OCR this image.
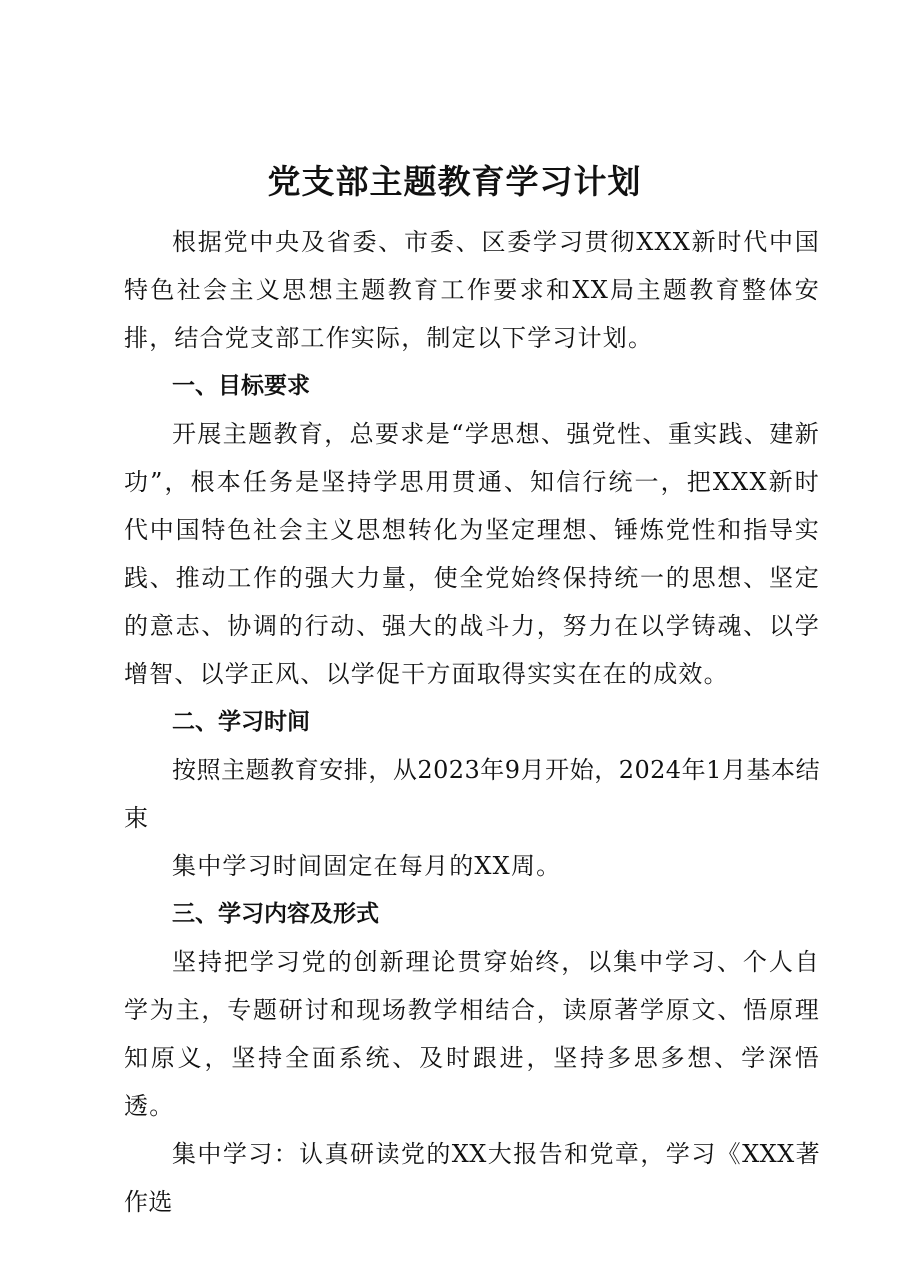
党支部主题教育学习计划

根据党中央及省委、市委、区委学习贯彻XXX新时代中国特色社会主义思想主题教育工作要求和XX局主题教育整体安排，结合党支部工作实际，制定以下学习计划。

一、目标要求

开展主题教育，总要求是“学思想、强党性、重实践、建新功”，根本任务是坚持学思用贯通、知信行统一，把XXX新时代中国特色社会主义思想转化为坚定理想、锤炼党性和指导实践、推动工作的强大力量，使全党始终保持统一的思想、坚定的意志、协调的行动、强大的战斗力，努力在以学铸魂、以学增智、以学正风、以学促干方面取得实实在在的成效。

二、学习时间

按照主题教育安排，从2023年9月开始，2024年1月基本结束

集中学习时间固定在每月的XX周。

三、学习内容及形式

坚持把学习党的创新理论贯穿始终，以集中学习、个人自学为主，专题研讨和现场教学相结合，读原著学原文、悟原理知原义，坚持全面系统、及时跟进，坚持多思多想、学深悟透。

集中学习：认真研读党的XX大报告和党章，学习《XXX著作选
